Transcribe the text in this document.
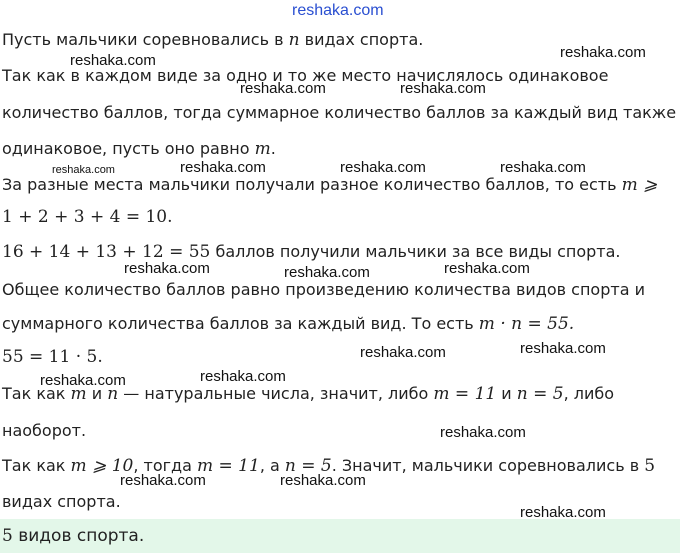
reshaka.com
Пусть мальчики соревновались в n видах спорта.
Так как в каждом виде за одно и то же место начислялось одинаковое
количество баллов, тогда суммарное количество баллов за каждый вид также
одинаковое, пусть оно равно m.
За разные места мальчики получали разное количество баллов, то есть m ⩾
1 + 2 + 3 + 4 = 10.
16 + 14 + 13 + 12 = 55 баллов получили мальчики за все виды спорта.
Общее количество баллов равно произведению количества видов спорта и
суммарного количества баллов за каждый вид. То есть m · n = 55.
55 = 11 · 5.
Так как m и n — натуральные числа, значит, либо m = 11 и n = 5, либо
наоборот.
Так как m ⩾ 10, тогда m = 11, а n = 5. Значит, мальчики соревновались в 5
видах спорта.
5 видов спорта.
reshaka.com	reshaka.com
reshaka.com	reshaka.com
reshaka.com	reshaka.com	reshaka.com	reshaka.com
reshaka.com	reshaka.com	reshaka.com
reshaka.com	reshaka.com
reshaka.com	reshaka.com
reshaka.com
reshaka.com	reshaka.com
reshaka.com
